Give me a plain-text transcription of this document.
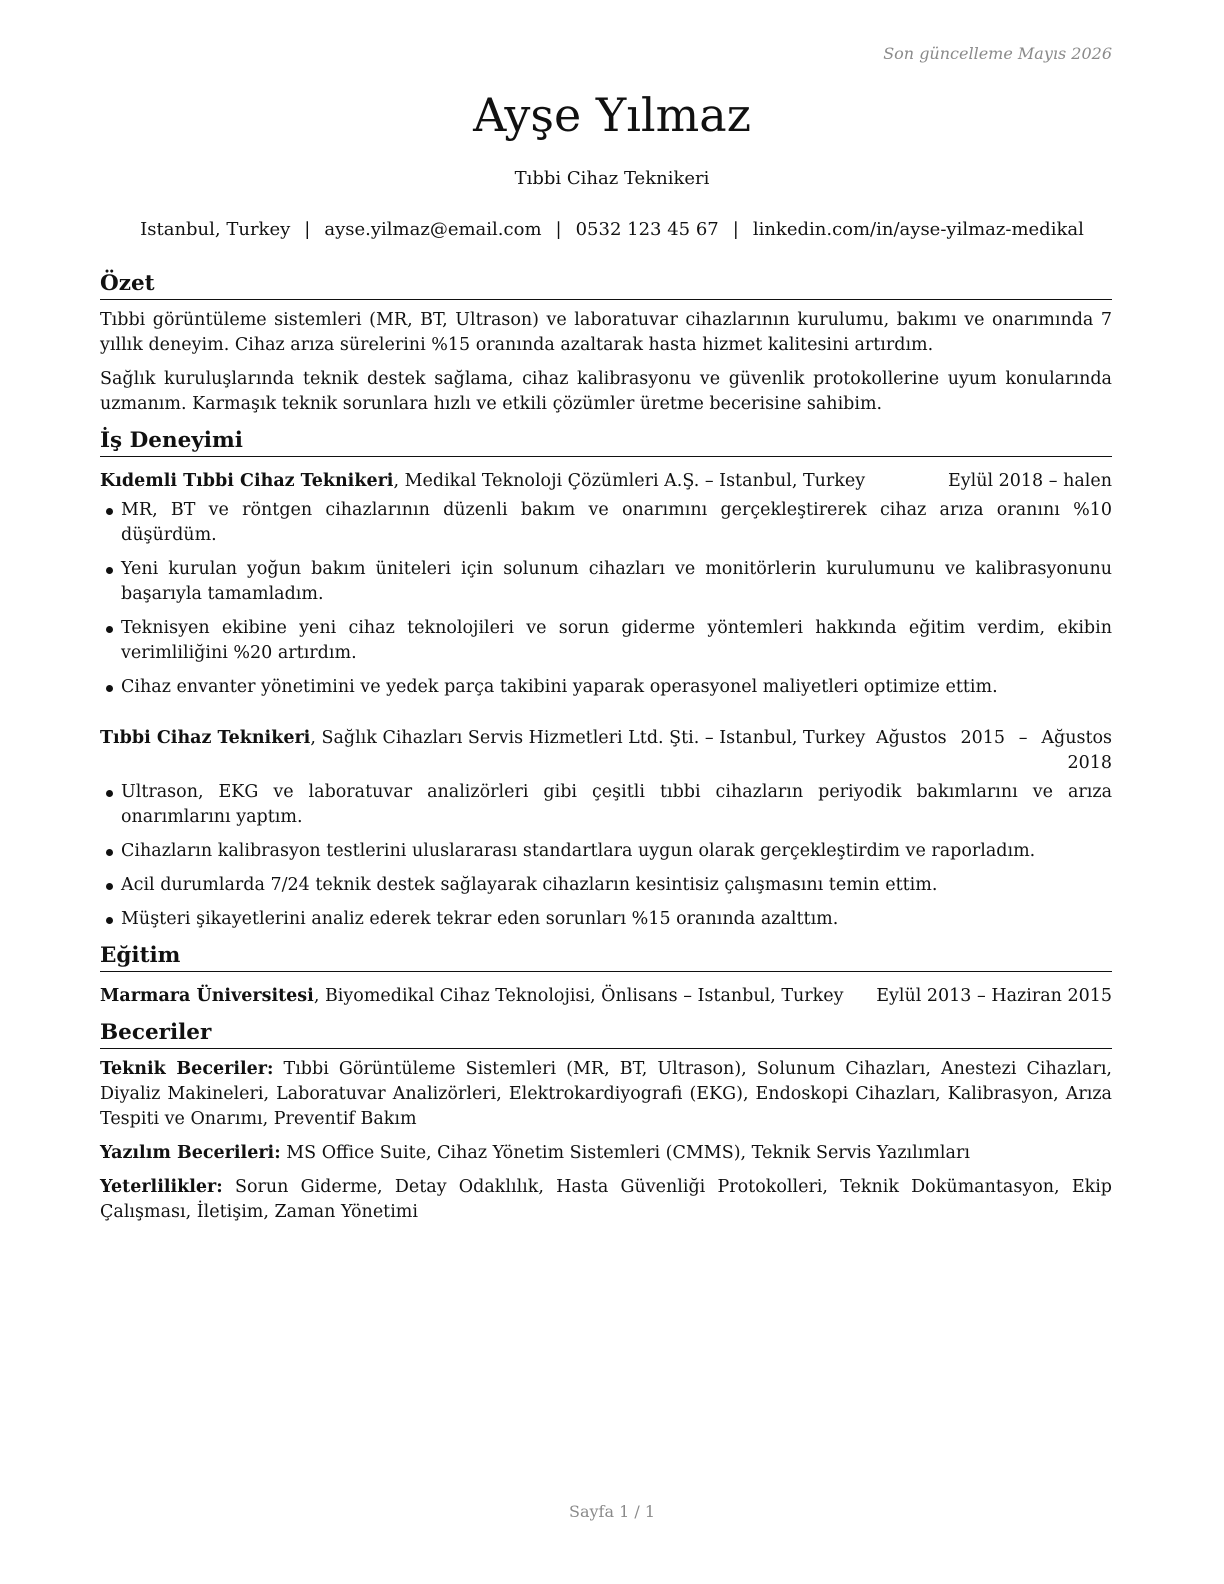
Son güncelleme Mayıs 2026
Ayşe Yılmaz
Tıbbi Cihaz Teknikeri
Istanbul, Turkey | ayse.yilmaz@email.com | 0532 123 45 67 | linkedin.com/in/ayse-yilmaz-medikal
Özet

Tıbbi görüntüleme sistemleri (MR, BT, Ultrason) ve laboratuvar cihazlarının kurulumu, bakımı ve onarımında 7 yıllık deneyim. Cihaz arıza sürelerini %15 oranında azaltarak hasta hizmet kalitesini artırdım.

Sağlık kuruluşlarında teknik destek sağlama, cihaz kalibrasyonu ve güvenlik protokollerine uyum konularında uzmanım. Karmaşık teknik sorunlara hızlı ve etkili çözümler üretme becerisine sahibim.

İş Deneyimi
Kıdemli Tıbbi Cihaz Teknikeri, Medikal Teknoloji Çözümleri A.Ş. – Istanbul, Turkey	Eylül 2018 – halen
MR, BT ve röntgen cihazlarının düzenli bakım ve onarımını gerçekleştirerek cihaz arıza oranını %10 düşürdüm.
Yeni kurulan yoğun bakım üniteleri için solunum cihazları ve monitörlerin kurulumunu ve kalibrasyonunu başarıyla tamamladım.
Teknisyen ekibine yeni cihaz teknolojileri ve sorun giderme yöntemleri hakkında eğitim verdim, ekibin verimliliğini %20 artırdım.
Cihaz envanter yönetimini ve yedek parça takibini yaparak operasyonel maliyetleri optimize ettim.
Tıbbi Cihaz Teknikeri, Sağlık Cihazları Servis Hizmetleri Ltd. Şti. – Istanbul, Turkey Ağustos 2015 – Ağustos 2018
Ultrason, EKG ve laboratuvar analizörleri gibi çeşitli tıbbi cihazların periyodik bakımlarını ve arıza onarımlarını yaptım.
Cihazların kalibrasyon testlerini uluslararası standartlara uygun olarak gerçekleştirdim ve raporladım.
Acil durumlarda 7/24 teknik destek sağlayarak cihazların kesintisiz çalışmasını temin ettim.
Müşteri şikayetlerini analiz ederek tekrar eden sorunları %15 oranında azalttım.
Eğitim
Marmara Üniversitesi, Biyomedikal Cihaz Teknolojisi, Önlisans – Istanbul, Turkey	Eylül 2013 – Haziran 2015
Beceriler

Teknik Beceriler: Tıbbi Görüntüleme Sistemleri (MR, BT, Ultrason), Solunum Cihazları, Anestezi Cihazları, Diyaliz Makineleri, Laboratuvar Analizörleri, Elektrokardiyografi (EKG), Endoskopi Cihazları, Kalibrasyon, Arıza Tespiti ve Onarımı, Preventif Bakım

Yazılım Becerileri: MS Office Suite, Cihaz Yönetim Sistemleri (CMMS), Teknik Servis Yazılımları

Yeterlilikler: Sorun Giderme, Detay Odaklılık, Hasta Güvenliği Protokolleri, Teknik Dokümantasyon, Ekip Çalışması, İletişim, Zaman Yönetimi

Sayfa 1 / 1
